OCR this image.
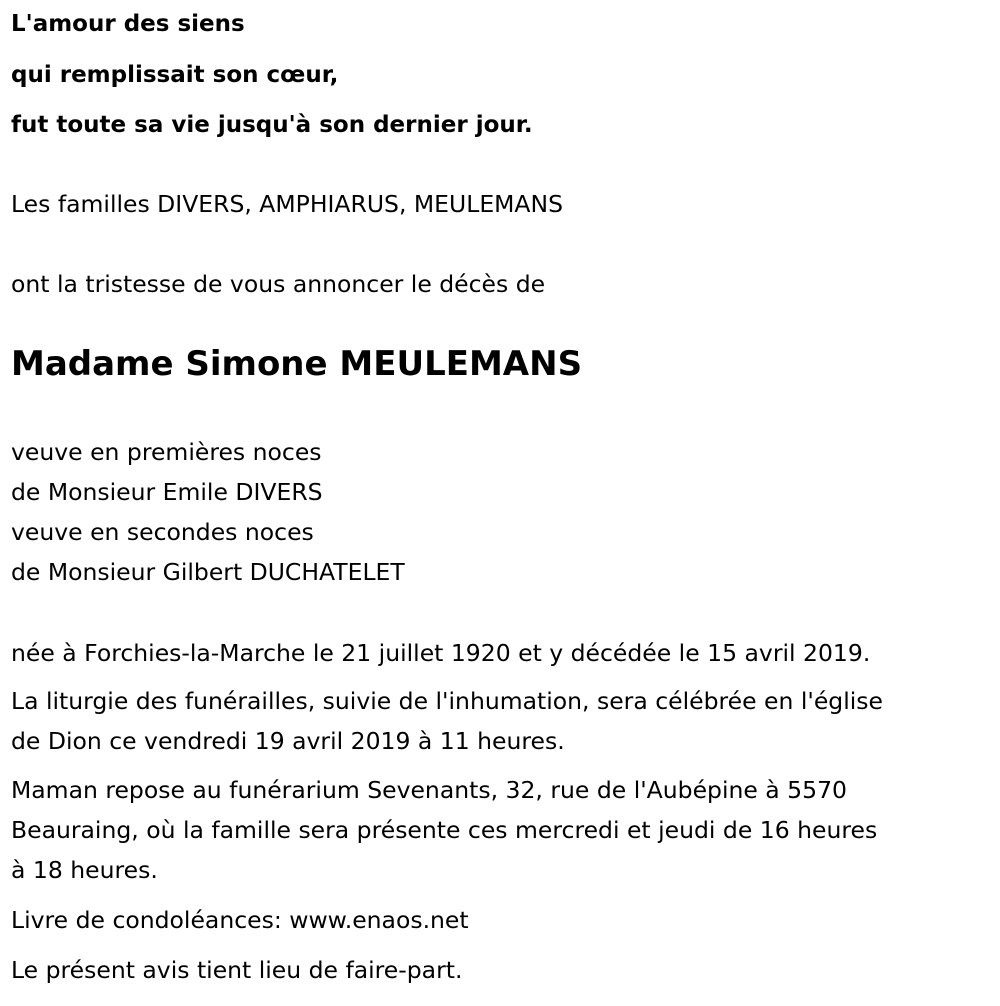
L'amour des siens
qui remplissait son cœur,
fut toute sa vie jusqu'à son dernier jour.
Les familles DIVERS, AMPHIARUS, MEULEMANS
ont la tristesse de vous annoncer le décès de
Madame Simone MEULEMANS
veuve en premières noces
de Monsieur Emile DIVERS
veuve en secondes noces
de Monsieur Gilbert DUCHATELET
née à Forchies-la-Marche le 21 juillet 1920 et y décédée le 15 avril 2019.
La liturgie des funérailles, suivie de l'inhumation, sera célébrée en l'église
de Dion ce vendredi 19 avril 2019 à 11 heures.
Maman repose au funérarium Sevenants, 32, rue de l'Aubépine à 5570
Beauraing, où la famille sera présente ces mercredi et jeudi de 16 heures
à 18 heures.
Livre de condoléances: www.enaos.net
Le présent avis tient lieu de faire-part.
